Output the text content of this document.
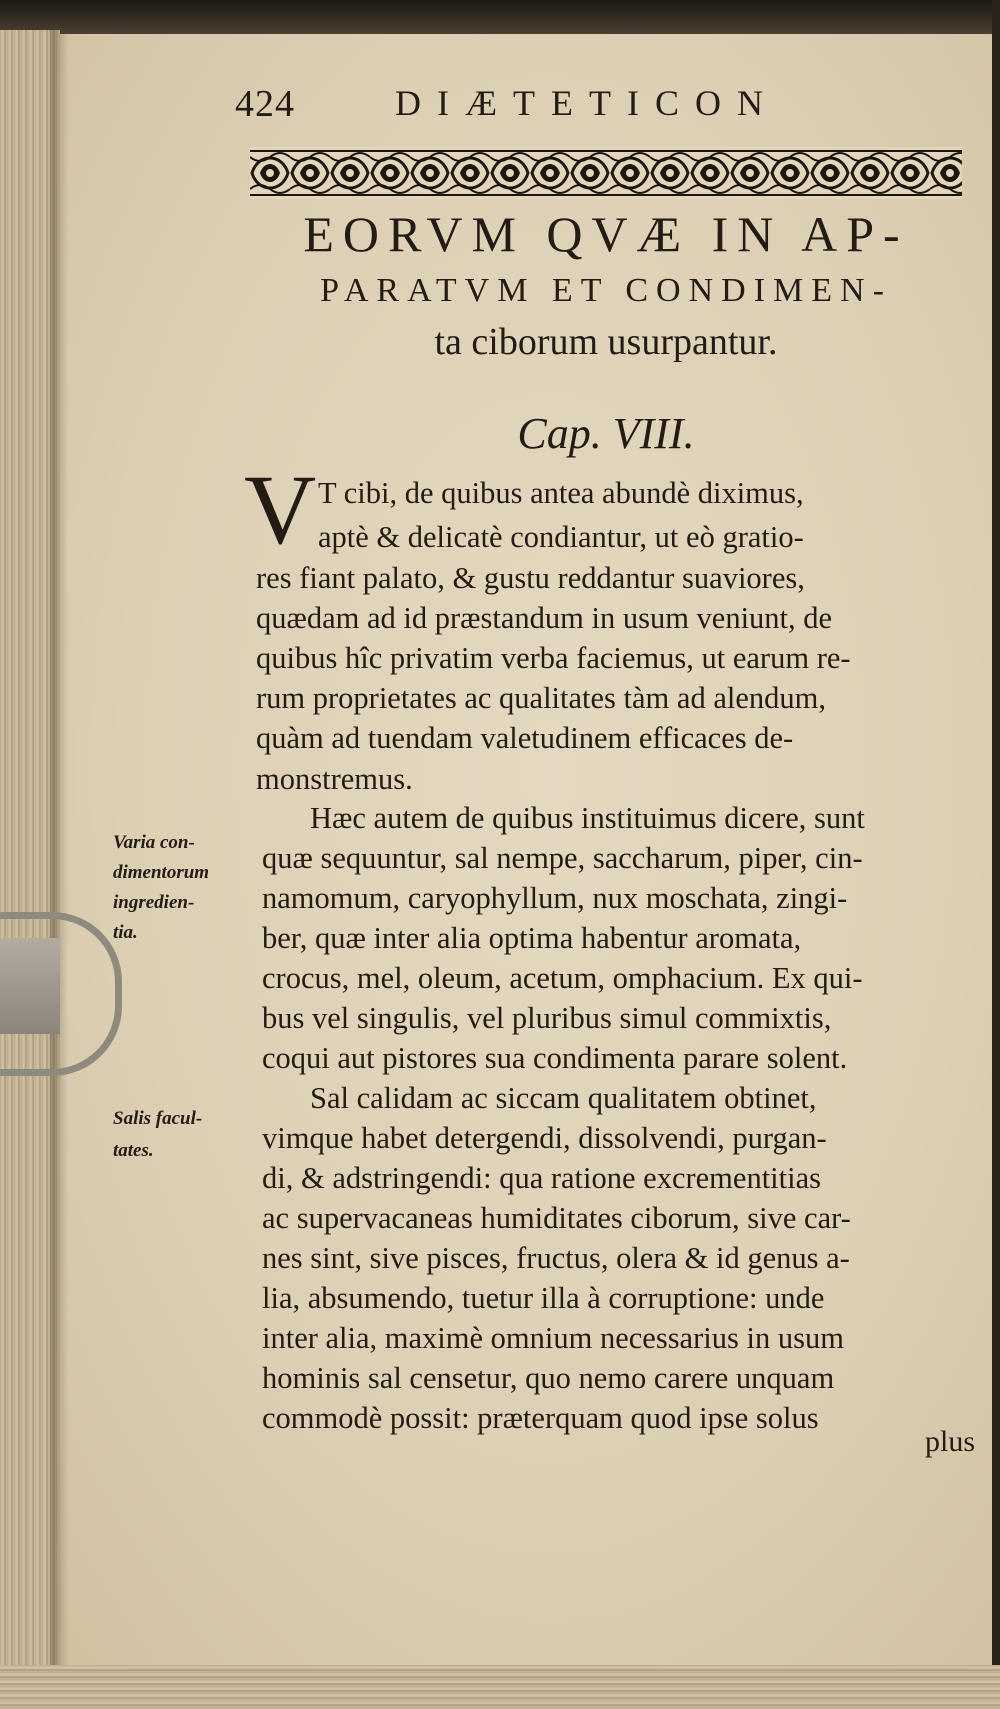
424	DIÆTETICON
EORVM QVÆ IN AP-
PARATVM ET CONDIMEN-
ta ciborum usurpantur.
Cap. VIII.
V T cibi, de quibus antea abundè diximus,
aptè & delicatè condiantur, ut eò gratio-
res fiant palato, & gustu reddantur suaviores,
quædam ad id præstandum in usum veniunt, de
quibus hîc privatim verba faciemus, ut earum re-
rum proprietates ac qualitates tàm ad alendum,
quàm ad tuendam valetudinem efficaces de-
monstremus.
Hæc autem de quibus instituimus dicere, sunt
quæ sequuntur, sal nempe, saccharum, piper, cin-
namomum, caryophyllum, nux moschata, zingi-
ber, quæ inter alia optima habentur aromata,
crocus, mel, oleum, acetum, omphacium. Ex qui-
bus vel singulis, vel pluribus simul commixtis,
coqui aut pistores sua condimenta parare solent.
Sal calidam ac siccam qualitatem obtinet,
vimque habet detergendi, dissolvendi, purgan-
di, & adstringendi: qua ratione excrementitias
ac supervacaneas humiditates ciborum, sive car-
nes sint, sive pisces, fructus, olera & id genus a-
lia, absumendo, tuetur illa à corruptione: unde
inter alia, maximè omnium necessarius in usum
hominis sal censetur, quo nemo carere unquam
commodè possit: præterquam quod ipse solus
plus
Varia con-
dimentorum
ingredien-
tia.
Salis facul-
tates.
